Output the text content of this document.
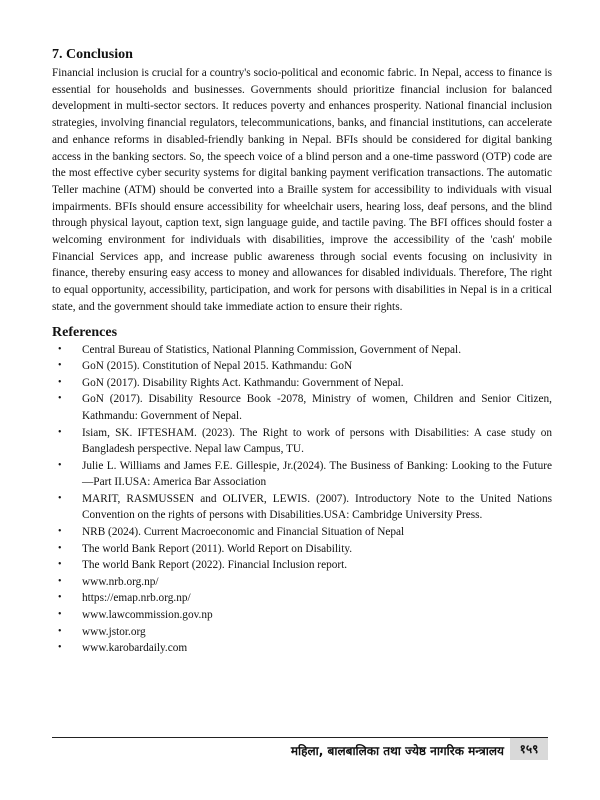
7. Conclusion

Financial inclusion is crucial for a country's socio-political and economic fabric. In Nepal, access to finance is essential for households and businesses. Governments should prioritize financial inclusion for balanced development in multi-sector sectors. It reduces poverty and enhances prosperity. National financial inclusion strategies, involving financial regulators, telecommunications, banks, and financial institutions, can accelerate and enhance reforms in disabled-friendly banking in Nepal. BFIs should be considered for digital banking access in the banking sectors. So, the speech voice of a blind person and a one-time password (OTP) code are the most effective cyber security systems for digital banking payment verification transactions. The automatic Teller machine (ATM) should be converted into a Braille system for accessibility to individuals with visual impairments. BFIs should ensure accessibility for wheelchair users, hearing loss, deaf persons, and the blind through physical layout, caption text, sign language guide, and tactile paving. The BFI offices should foster a welcoming environment for individuals with disabilities, improve the accessibility of the 'cash' mobile Financial Services app, and increase public awareness through social events focusing on inclusivity in finance, thereby ensuring easy access to money and allowances for disabled individuals. Therefore, The right to equal opportunity, accessibility, participation, and work for persons with disabilities in Nepal is in a critical state, and the government should take immediate action to ensure their rights.

References
• Central Bureau of Statistics, National Planning Commission, Government of Nepal.
• GoN (2015). Constitution of Nepal 2015. Kathmandu: GoN
• GoN (2017). Disability Rights Act. Kathmandu: Government of Nepal.
• GoN (2017). Disability Resource Book -2078, Ministry of women, Children and Senior Citizen, Kathmandu: Government of Nepal.
• Isiam, SK. IFTESHAM. (2023). The Right to work of persons with Disabilities: A case study on Bangladesh perspective. Nepal law Campus, TU.
• Julie L. Williams and James F.E. Gillespie, Jr.(2024). The Business of Banking: Looking to the Future—Part II.USA: America Bar Association
• MARIT, RASMUSSEN and OLIVER, LEWIS. (2007). Introductory Note to the United Nations Convention on the rights of persons with Disabilities.USA: Cambridge University Press.
• NRB (2024). Current Macroeconomic and Financial Situation of Nepal
• The world Bank Report (2011). World Report on Disability.
• The world Bank Report (2022). Financial Inclusion report.
• www.nrb.org.np/
• https://emap.nrb.org.np/
• www.lawcommission.gov.np
• www.jstor.org
• www.karobardaily.com
महिला, बालबालिका तथा ज्येष्ठ नागरिक मन्त्रालय	१५९
